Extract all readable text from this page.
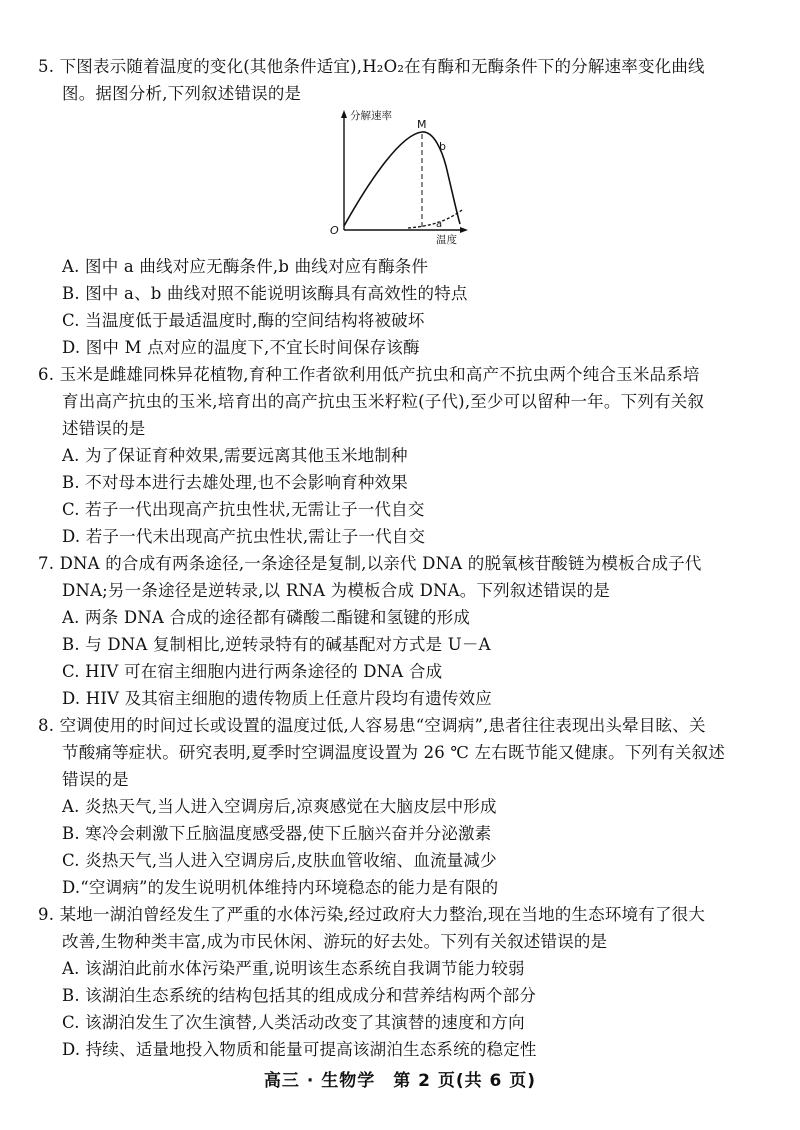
5. 下图表示随着温度的变化(其他条件适宜),H₂O₂在有酶和无酶条件下的分解速率变化曲线
图。据图分析,下列叙述错误的是
分解速率
M
b
O	a
温度
A. 图中 a 曲线对应无酶条件,b 曲线对应有酶条件
B. 图中 a、b 曲线对照不能说明该酶具有高效性的特点
C. 当温度低于最适温度时,酶的空间结构将被破坏
D. 图中 M 点对应的温度下,不宜长时间保存该酶
6. 玉米是雌雄同株异花植物,育种工作者欲利用低产抗虫和高产不抗虫两个纯合玉米品系培
育出高产抗虫的玉米,培育出的高产抗虫玉米籽粒(子代),至少可以留种一年。下列有关叙
述错误的是
A. 为了保证育种效果,需要远离其他玉米地制种
B. 不对母本进行去雄处理,也不会影响育种效果
C. 若子一代出现高产抗虫性状,无需让子一代自交
D. 若子一代未出现高产抗虫性状,需让子一代自交
7. DNA 的合成有两条途径,一条途径是复制,以亲代 DNA 的脱氧核苷酸链为模板合成子代
DNA;另一条途径是逆转录,以 RNA 为模板合成 DNA。下列叙述错误的是
A. 两条 DNA 合成的途径都有磷酸二酯键和氢键的形成
B. 与 DNA 复制相比,逆转录特有的碱基配对方式是 U－A
C. HIV 可在宿主细胞内进行两条途径的 DNA 合成
D. HIV 及其宿主细胞的遗传物质上任意片段均有遗传效应
8. 空调使用的时间过长或设置的温度过低,人容易患“空调病”,患者往往表现出头晕目眩、关
节酸痛等症状。研究表明,夏季时空调温度设置为 26 ℃ 左右既节能又健康。下列有关叙述
错误的是
A. 炎热天气,当人进入空调房后,凉爽感觉在大脑皮层中形成
B. 寒冷会刺激下丘脑温度感受器,使下丘脑兴奋并分泌激素
C. 炎热天气,当人进入空调房后,皮肤血管收缩、血流量减少
D.“空调病”的发生说明机体维持内环境稳态的能力是有限的
9. 某地一湖泊曾经发生了严重的水体污染,经过政府大力整治,现在当地的生态环境有了很大
改善,生物种类丰富,成为市民休闲、游玩的好去处。下列有关叙述错误的是
A. 该湖泊此前水体污染严重,说明该生态系统自我调节能力较弱
B. 该湖泊生态系统的结构包括其的组成成分和营养结构两个部分
C. 该湖泊发生了次生演替,人类活动改变了其演替的速度和方向
D. 持续、适量地投入物质和能量可提高该湖泊生态系统的稳定性
高三 · 生物学　第 2 页(共 6 页)
